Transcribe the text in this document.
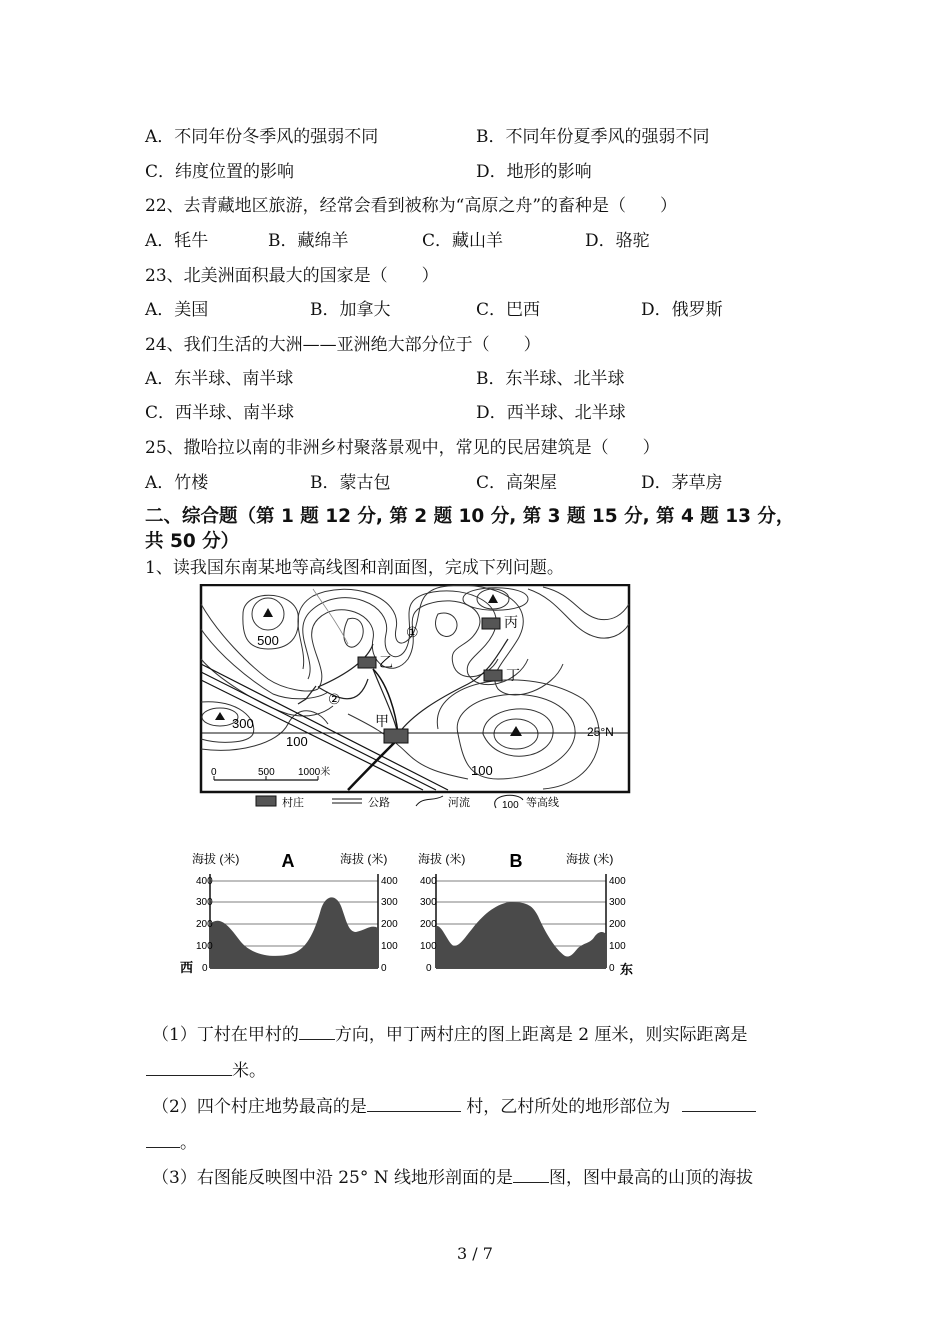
A．不同年份冬季风的强弱不同	B．不同年份夏季风的强弱不同
C．纬度位置的影响	D．地形的影响
22、去青藏地区旅游，经常会看到被称为“高原之舟”的畜种是（　　）
A．牦牛	B．藏绵羊	C．藏山羊	D．骆驼
23、北美洲面积最大的国家是（　　）
A．美国	B．加拿大	C．巴西	D．俄罗斯
24、我们生活的大洲——亚洲绝大部分位于（　　）
A．东半球、南半球	B．东半球、北半球
C．西半球、南半球	D．西半球、北半球
25、撒哈拉以南的非洲乡村聚落景观中，常见的民居建筑是（　　）
A．竹楼	B．蒙古包	C．高架屋	D．茅草房
二、综合题（第 1 题 12 分, 第 2 题 10 分, 第 3 题 15 分, 第 4 题 13 分，
共 50 分）
1、读我国东南某地等高线图和剖面图，完成下列问题。
500
300
100
100
乙
丙
丁
甲
①
②
25°N
0	500 1000米
村庄	公路	河流	100 等高线
海拔 (米) A	海拔 (米)
400
300
200
100
0
400
300
200
100
0
西
海拔 (米) B	海拔 (米)
400
300
200
100
0
400
300
200
100
0 东
（1）丁村在甲村的 方向，甲丁两村庄的图上距离是 2 厘米，则实际距离是
米。
（2）四个村庄地势最高的是	村，乙村所处的地形部位为
。
（3）右图能反映图中沿 25° N 线地形剖面的是 图，图中最高的山顶的海拔
3 / 7
